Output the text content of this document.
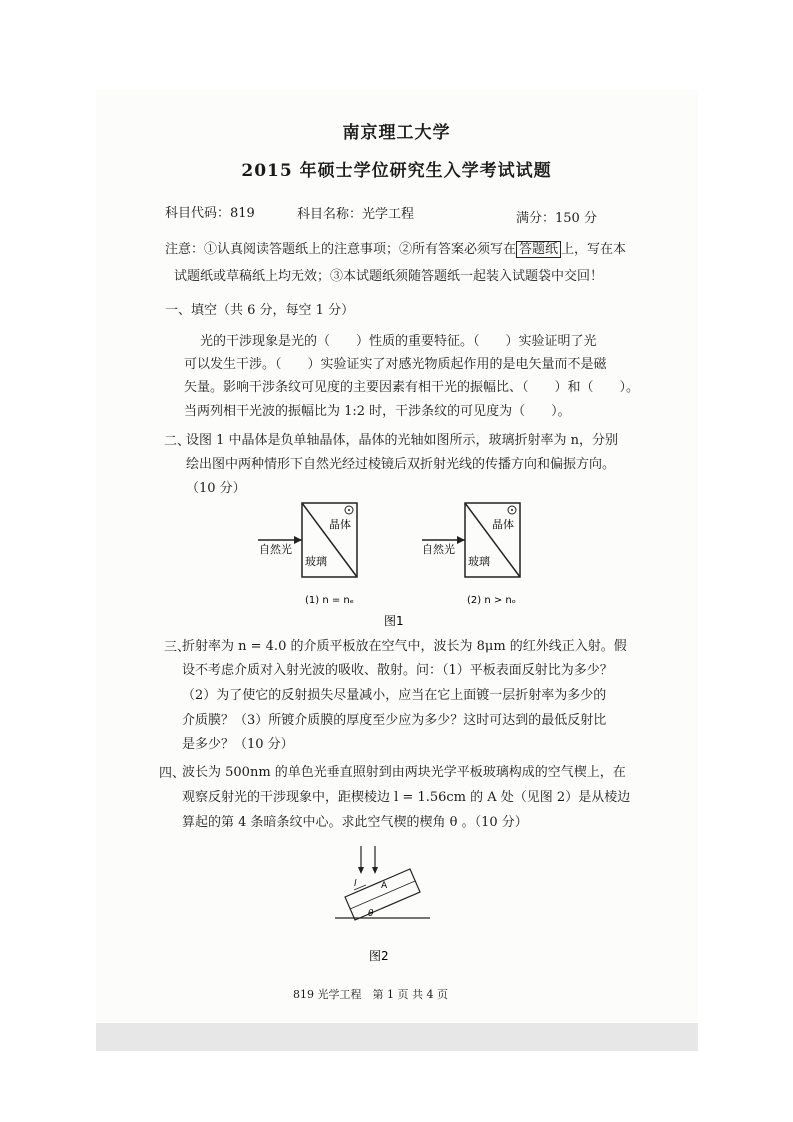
南京理工大学
2015 年硕士学位研究生入学考试试题
科目代码：819	科目名称：光学工程	满分：150 分
注意：①认真阅读答题纸上的注意事项；②所有答案必须写在 答题纸 上，写在本
试题纸或草稿纸上均无效；③本试题纸须随答题纸一起装入试题袋中交回！
一、填空（共 6 分，每空 1 分）
光的干涉现象是光的（　　）性质的重要特征。（　　）实验证明了光
可以发生干涉。（　　）实验证实了对感光物质起作用的是电矢量而不是磁
矢量。影响干涉条纹可见度的主要因素有相干光的振幅比、（　　）和（　　）。
当两列相干光波的振幅比为 1:2 时，干涉条纹的可见度为（　　）。
二、
设图 1 中晶体是负单轴晶体，晶体的光轴如图所示，玻璃折射率为 n，分别
绘出图中两种情形下自然光经过棱镜后双折射光线的传播方向和偏振方向。
（10 分）
晶体
玻璃
自然光
(1) n = nₑ
晶体
玻璃
自然光
(2) n > nₒ
图1
三、
折射率为 n = 4.0 的介质平板放在空气中，波长为 8μm 的红外线正入射。假
设不考虑介质对入射光波的吸收、散射。问：（1）平板表面反射比为多少？
（2）为了使它的反射损失尽量减小，应当在它上面镀一层折射率为多少的
介质膜？（3）所镀介质膜的厚度至少应为多少？这时可达到的最低反射比
是多少？（10 分）
四、
波长为 500nm 的单色光垂直照射到由两块光学平板玻璃构成的空气楔上，在
观察反射光的干涉现象中，距楔棱边 l = 1.56cm 的 A 处（见图 2）是从棱边
算起的第 4 条暗条纹中心。求此空气楔的楔角 θ 。（10 分）
l	A
θ
图2
819 光学工程　第 1 页 共 4 页
